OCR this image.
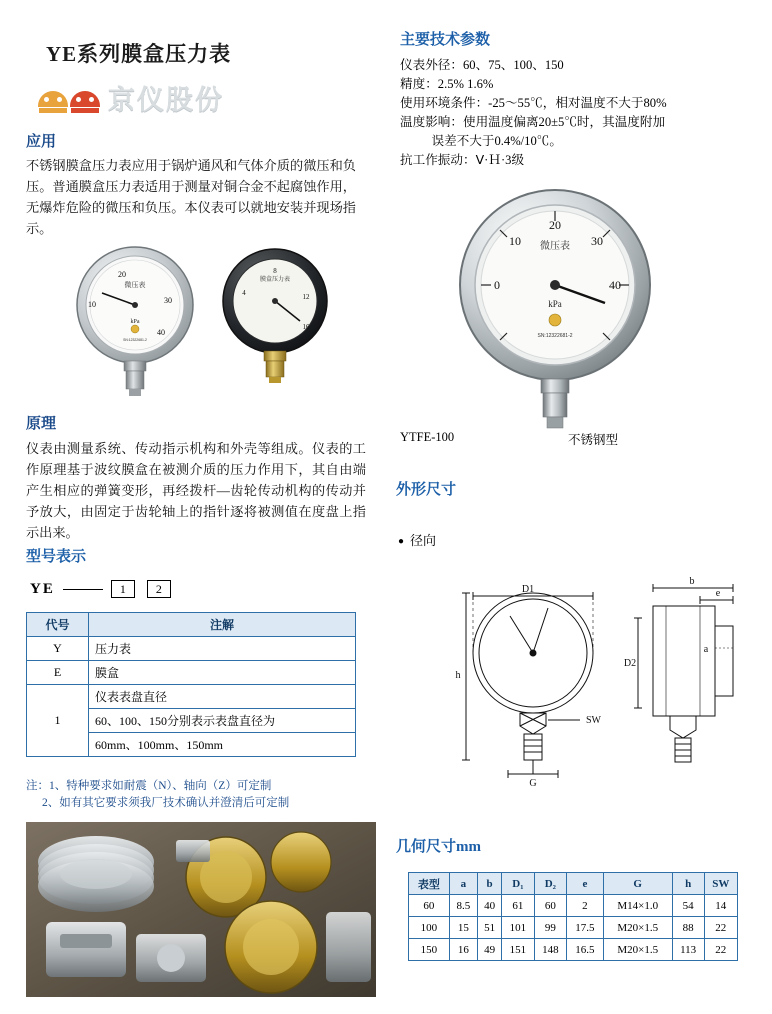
YE系列膜盒压力表
京仪股份
应用
不锈钢膜盒压力表应用于锅炉通风和气体介质的微压和负压。普通膜盒压力表适用于测量对铜合金不起腐蚀作用，无爆炸危险的微压和负压。本仪表可以就地安装并现场指示。
微压表
10
20
30
40
kPa
SN:12322681-2
膜盒压力表
8
12
16
4
原理
仪表由测量系统、传动指示机构和外壳等组成。仪表的工作原理基于波纹膜盒在被测介质的压力作用下，其自由端产生相应的弹簧变形，再经拨杆—齿轮传动机构的传动并予放大，由固定于齿轮轴上的指针逐将被测值在度盘上指示出来。
型号表示
YE	1	2
代号	注解
Y	压力表
E	膜盒
1	仪表表盘直径
	60、100、150分别表示表盘直径为
	60mm、100mm、150mm
注：1、特种要求如耐震（N）、轴向（Z）可定制
2、如有其它要求须我厂技术确认并澄清后可定制
主要技术参数
仪表外径：60、75、100、150
精度：2.5% 1.6%
使用环境条件：-25～55℃，相对温度不大于80%
温度影响：使用温度偏离20±5℃时，其温度附加
误差不大于0.4%/10℃。
抗工作振动：Ⅴ·Ｈ·3级
微压表
0
10
20
30
40
kPa
SN:12322681-2
YTFE-100	不锈钢型
外形尺寸
● 径向
D1
h
G
SW
b
e
D2
a
几何尺寸mm
表型	a	b	D₁	D₂	e	G	h	SW
60	8.5	40	61	60	2	M14×1.0	54	14
100	15	51	101	99	17.5	M20×1.5	88	22
150	16	49	151	148	16.5	M20×1.5	113	22
